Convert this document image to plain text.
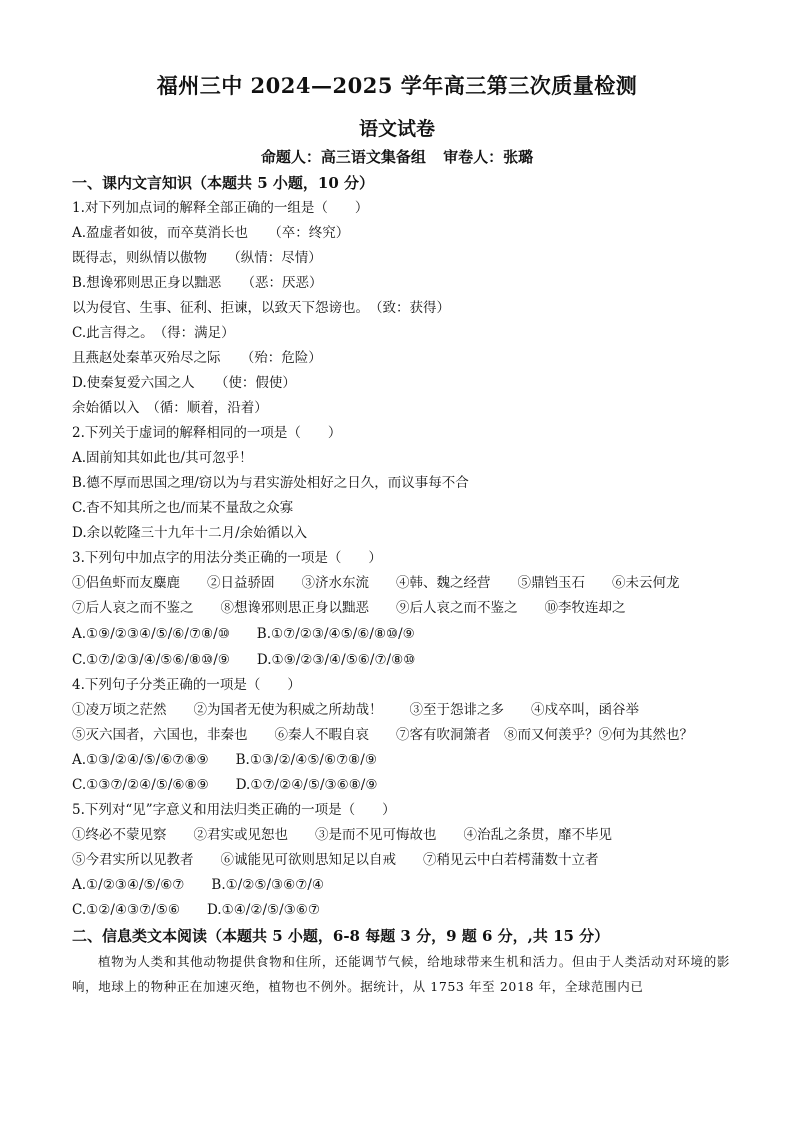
福州三中 2024—2025 学年高三第三次质量检测
语文试卷
命题人：高三语文集备组 审卷人：张璐
一、课内文言知识（本题共 5 小题，10 分）
1.对下列加点词的解释全部正确的一组是（　　）
A.盈虚者如彼，而卒莫消长也　　（卒：终究）
既得志，则纵情以傲物　　（纵情：尽情）
B.想谗邪则思正身以黜恶　　（恶：厌恶）
以为侵官、生事、征利、拒谏，以致天下怨谤也。　（致：获得）
C.此言得之。　（得：满足）
且燕赵处秦革灭殆尽之际　　（殆：危险）
D.使秦复爱六国之人　　（使：假使）
余始循以入　（循：顺着，沿着）
2.下列关于虚词的解释相同的一项是（　　）
A.固前知其如此也/其可忽乎！
B.德不厚而思国之理/窃以为与君实游处相好之日久，而议事每不合
C.杳不知其所之也/而某不量敌之众寡
D.余以乾隆三十九年十二月/余始循以入
3.下列句中加点字的用法分类正确的一项是（　　）
①侣鱼虾而友麋鹿　　②日益骄固　　③济水东流　　④韩、魏之经营　　⑤鼎铛玉石　　⑥未云何龙
⑦后人哀之而不鉴之　　⑧想谗邪则思正身以黜恶　　⑨后人哀之而不鉴之　　⑩李牧连却之
A.①⑨/②③④/⑤/⑥/⑦⑧/⑩　　B.①⑦/②③/④⑤/⑥/⑧⑩/⑨
C.①⑦/②③/④/⑤⑥/⑧⑩/⑨　　D.①⑨/②③/④/⑤⑥/⑦/⑧⑩
4.下列句子分类正确的一项是（　　）
①凌万顷之茫然　　②为国者无使为积威之所劫哉！　　③至于怨诽之多　　④戍卒叫，函谷举
⑤灭六国者，六国也，非秦也　　⑥秦人不暇自哀　　⑦客有吹洞箫者　⑧而又何羡乎？⑨何为其然也？
A.①③/②④/⑤/⑥⑦⑧⑨　　B.①③/②/④⑤/⑥⑦⑧/⑨
C.①③⑦/②④/⑤/⑥⑧⑨　　D.①⑦/②④/⑤/③⑥⑧/⑨
5.下列对“见”字意义和用法归类正确的一项是（　　）
①终必不蒙见察　　②君实或见恕也　　③是而不见可悔故也　　④治乱之条贯，靡不毕见
⑤今君实所以见教者　　⑥诚能见可欲则思知足以自戒　　⑦稍见云中白若樗蒲数十立者
A.①/②③④/⑤/⑥⑦　　B.①/②⑤/③⑥⑦/④
C.①②/④③⑦/⑤⑥　　D.①④/②/⑤/③⑥⑦
二、信息类文本阅读（本题共 5 小题，6-8 每题 3 分，9 题 6 分，,共 15 分）
植物为人类和其他动物提供食物和住所，还能调节气候，给地球带来生机和活力。但由于人类活动对环境的影响，地球上的物种正在加速灭绝，植物也不例外。据统计，从 1753 年至 2018 年，全球范围内已
